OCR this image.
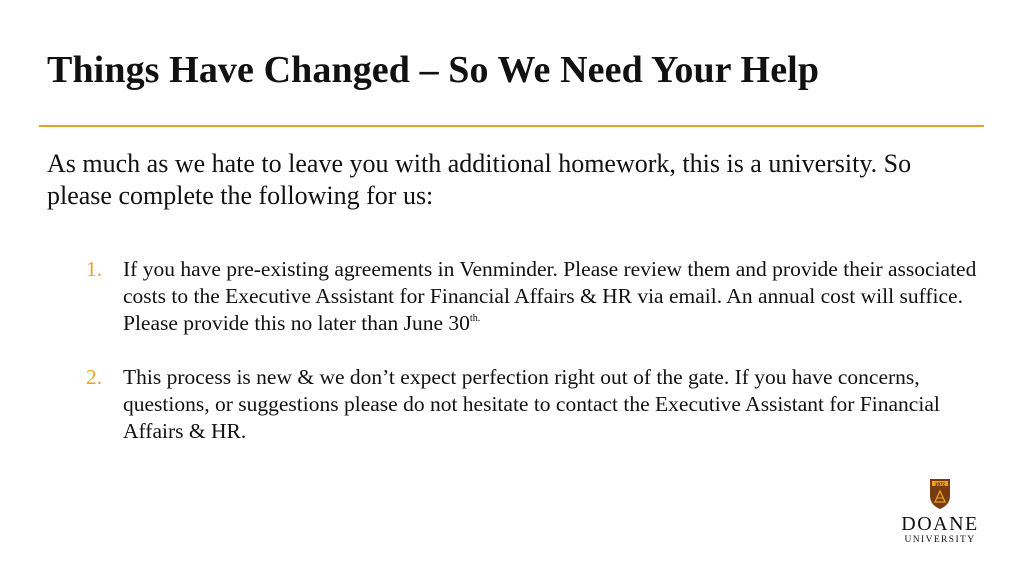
Things Have Changed – So We Need Your Help

As much as we hate to leave you with additional homework, this is a university. So please complete the following for us:

1. If you have pre-existing agreements in Venminder. Please review them and provide their associated costs to the Executive Assistant for Financial Affairs & HR via email. An annual cost will suffice. Please provide this no later than June $30^{th.}$
2. This process is new & we don’t expect perfection right out of the gate. If you have concerns, questions, or suggestions please do not hesitate to contact the Executive Assistant for Financial Affairs & HR.
1872
DOANE
UNIVERSITY
